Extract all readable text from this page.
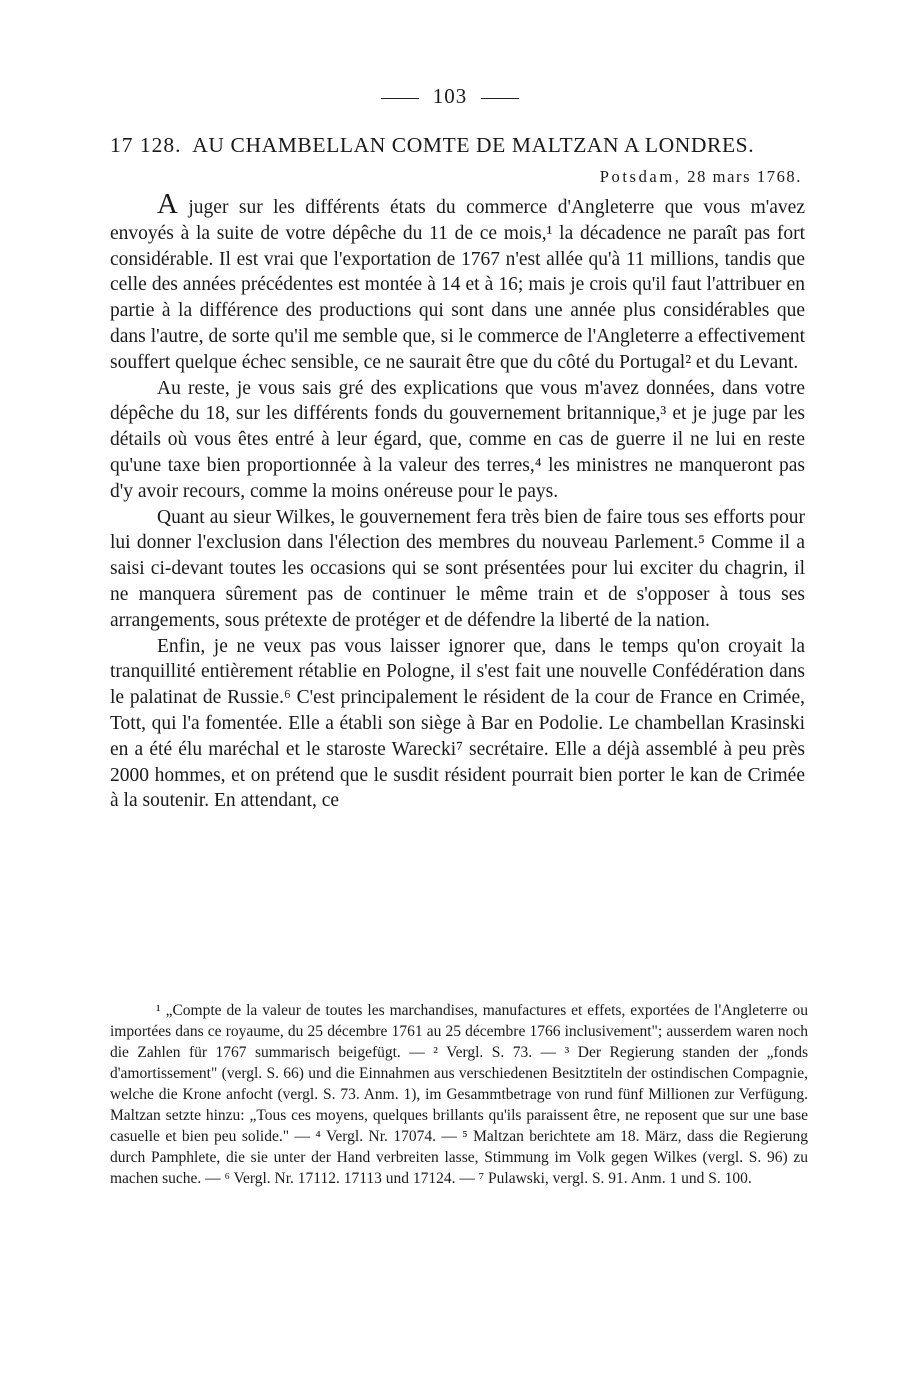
103
17 128. AU CHAMBELLAN COMTE DE MALTZAN A LONDRES.
Potsdam, 28 mars 1768.

A juger sur les différents états du commerce d'Angleterre que vous m'avez envoyés à la suite de votre dépêche du 11 de ce mois,¹ la décadence ne paraît pas fort considérable. Il est vrai que l'exportation de 1767 n'est allée qu'à 11 millions, tandis que celle des années précédentes est montée à 14 et à 16; mais je crois qu'il faut l'attribuer en partie à la différence des productions qui sont dans une année plus considérables que dans l'autre, de sorte qu'il me semble que, si le commerce de l'Angleterre a effectivement souffert quelque échec sensible, ce ne saurait être que du côté du Portugal² et du Levant.

Au reste, je vous sais gré des explications que vous m'avez données, dans votre dépêche du 18, sur les différents fonds du gouvernement britannique,³ et je juge par les détails où vous êtes entré à leur égard, que, comme en cas de guerre il ne lui en reste qu'une taxe bien proportionnée à la valeur des terres,⁴ les ministres ne manqueront pas d'y avoir recours, comme la moins onéreuse pour le pays.

Quant au sieur Wilkes, le gouvernement fera très bien de faire tous ses efforts pour lui donner l'exclusion dans l'élection des membres du nouveau Parlement.⁵ Comme il a saisi ci-devant toutes les occasions qui se sont présentées pour lui exciter du chagrin, il ne manquera sûrement pas de continuer le même train et de s'opposer à tous ses arrangements, sous prétexte de protéger et de défendre la liberté de la nation.

Enfin, je ne veux pas vous laisser ignorer que, dans le temps qu'on croyait la tranquillité entièrement rétablie en Pologne, il s'est fait une nouvelle Confédération dans le palatinat de Russie.⁶ C'est principalement le résident de la cour de France en Crimée, Tott, qui l'a fomentée. Elle a établi son siège à Bar en Podolie. Le chambellan Krasinski en a été élu maréchal et le staroste Warecki⁷ secrétaire. Elle a déjà assemblé à peu près 2000 hommes, et on prétend que le susdit résident pourrait bien porter le kan de Crimée à la soutenir. En attendant, ce

¹ „Compte de la valeur de toutes les marchandises, manufactures et effets, exportées de l'Angleterre ou importées dans ce royaume, du 25 décembre 1761 au 25 décembre 1766 inclusivement"; ausserdem waren noch die Zahlen für 1767 summarisch beigefügt. — ² Vergl. S. 73. — ³ Der Regierung standen der „fonds d'amortissement" (vergl. S. 66) und die Einnahmen aus verschiedenen Besitztiteln der ostindischen Compagnie, welche die Krone anfocht (vergl. S. 73. Anm. 1), im Gesammtbetrage von rund fünf Millionen zur Verfügung. Maltzan setzte hinzu: „Tous ces moyens, quelques brillants qu'ils paraissent être, ne reposent que sur une base casuelle et bien peu solide." — ⁴ Vergl. Nr. 17074. — ⁵ Maltzan berichtete am 18. März, dass die Regierung durch Pamphlete, die sie unter der Hand verbreiten lasse, Stimmung im Volk gegen Wilkes (vergl. S. 96) zu machen suche. — ⁶ Vergl. Nr. 17112. 17113 und 17124. — ⁷ Pulawski, vergl. S. 91. Anm. 1 und S. 100.
